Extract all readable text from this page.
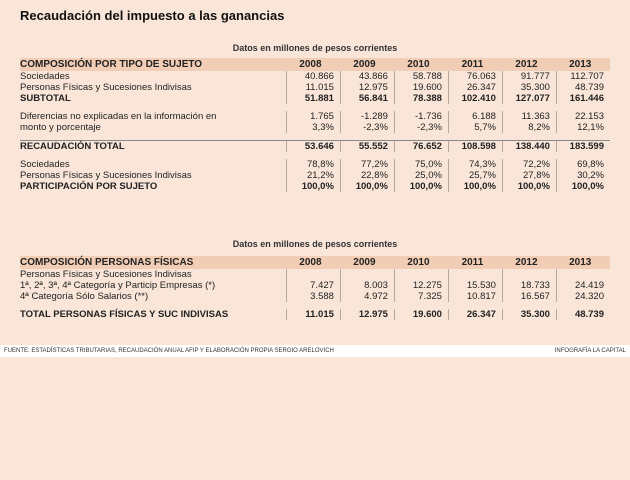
Recaudación del impuesto a las ganancias
Datos en millones de pesos corrientes
COMPOSICIÓN POR TIPO DE SUJETO	2008	2009	2010	2011	2012	2013
Sociedades	40.866	43.866	58.788	76.063	91.777	112.707
Personas Físicas y Sucesiones Indivisas	11.015	12.975	19.600	26.347	35.300	48.739
SUBTOTAL	51.881	56.841	78.388	102.410	127.077	161.446

Diferencias no explicadas en la información en	1.765	-1.289	-1.736	6.188	11.363	22.153
monto y porcentaje	3,3%	-2,3%	-2,3%	5,7%	8,2%	12,1%

RECAUDACIÓN TOTAL	53.646	55.552	76.652	108.598	138.440	183.599

Sociedades	78,8%	77,2%	75,0%	74,3%	72,2%	69,8%
Personas Físicas y Sucesiones Indivisas	21,2%	22,8%	25,0%	25,7%	27,8%	30,2%
PARTICIPACIÓN POR SUJETO	100,0%	100,0%	100,0%	100,0%	100,0%	100,0%
Datos en millones de pesos corrientes
COMPOSICIÓN PERSONAS FÍSICAS	2008	2009	2010	2011	2012	2013
Personas Físicas y Sucesiones Indivisas						
1ª, 2ª, 3ª, 4ª Categoría y Particip Empresas (*)	7.427	8.003	12.275	15.530	18.733	24.419
4ª Categoría Sólo Salarios (**)	3.588	4.972	7.325	10.817	16.567	24.320

TOTAL PERSONAS FÍSICAS Y SUC INDIVISAS	11.015	12.975	19.600	26.347	35.300	48.739
FUENTE: ESTADÍSTICAS TRIBUTARIAS, RECAUDACIÓN ANUAL AFIP Y ELABORACIÓN PROPIA SERGIO ARELOVICH	INFOGRAFÍA LA CAPITAL
